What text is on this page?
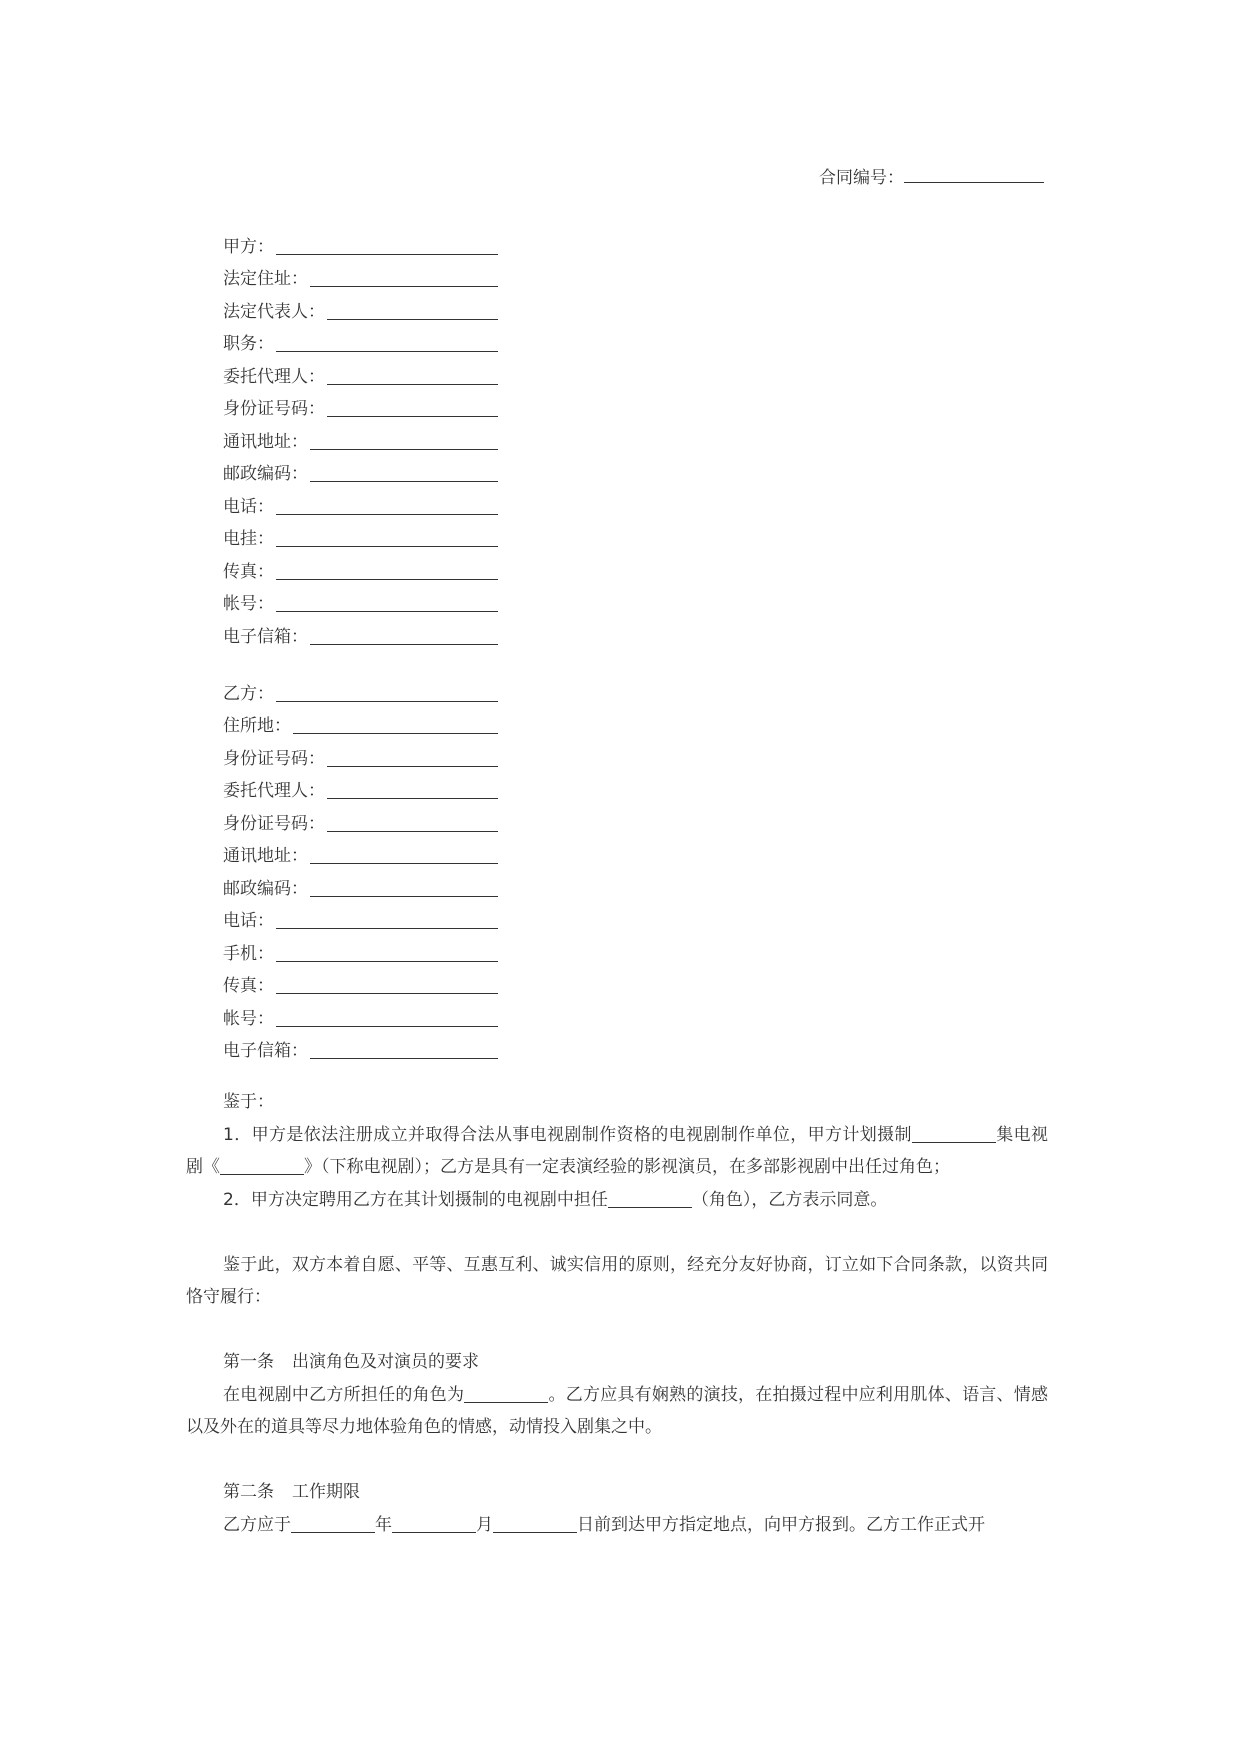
合同编号：
甲方：
法定住址：
法定代表人：
职务：
委托代理人：
身份证号码：
通讯地址：
邮政编码：
电话：
电挂：
传真：
帐号：
电子信箱：
乙方：
住所地：
身份证号码：
委托代理人：
身份证号码：
通讯地址：
邮政编码：
电话：
手机：
传真：
帐号：
电子信箱：

鉴于：

1．甲方是依法注册成立并取得合法从事电视剧制作资格的电视剧制作单位，甲方计划摄制	集电视剧《	》（下称电视剧）；乙方是具有一定表演经验的影视演员，在多部影视剧中出任过角色；

2．甲方决定聘用乙方在其计划摄制的电视剧中担任	（角色），乙方表示同意。

鉴于此，双方本着自愿、平等、互惠互利、诚实信用的原则，经充分友好协商，订立如下合同条款，以资共同恪守履行：

第一条 出演角色及对演员的要求

在电视剧中乙方所担任的角色为	。乙方应具有娴熟的演技，在拍摄过程中应利用肌体、语言、情感以及外在的道具等尽力地体验角色的情感，动情投入剧集之中。

第二条 工作期限

乙方应于	年	月	日前到达甲方指定地点，向甲方报到。乙方工作正式开
